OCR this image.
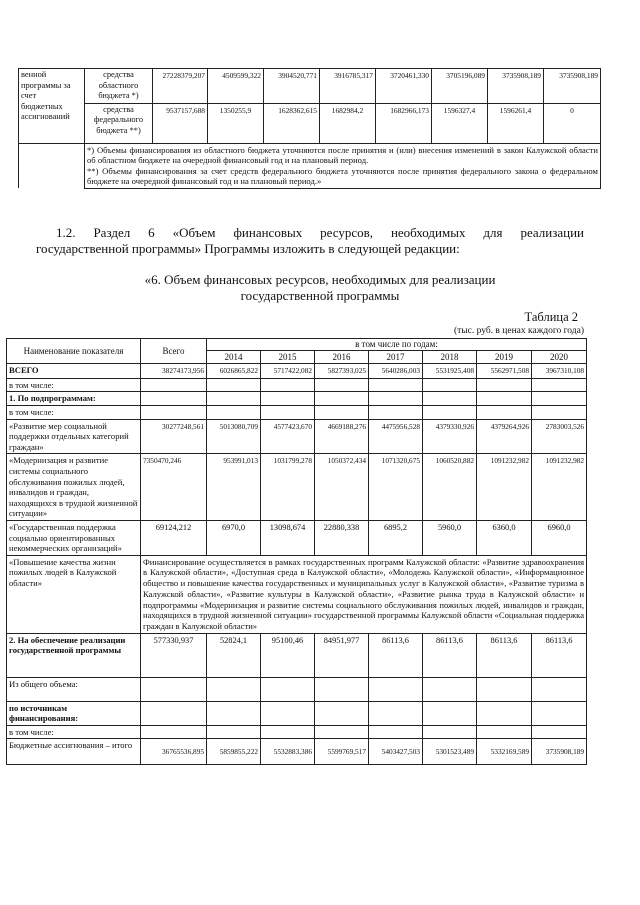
венной программы за счет
бюджетных ассигнований	средства областного бюджета *)	27228379,207	4509599,322	3904520,771	3916785,317	3720461,330	3705196,089	3735908,189	3735908,189
	средства федерального бюджета **)	9537157,688	1350255,9	1628362,615	1682984,2	1682966,173	1596327,4	1596261,4	0

	*) Объемы финансирования из областного бюджета уточняются после принятия и (или) внесения изменений в закон Калужской области об областном бюджете на очередной финансовый год и на плановый период.
**) Объемы финансирования за счет средств федерального бюджета уточняются после принятия федерального закона о федеральном бюджете на очередной финансовый год и на плановый период.»								
1.2. Раздел 6 «Объем финансовых ресурсов, необходимых для реализации
государственной программы» Программы изложить в следующей редакции:
«6. Объем финансовых ресурсов, необходимых для реализации
государственной программы
Таблица 2
(тыс. руб. в ценах каждого года)
Наименование показателя	Всего	в том числе по годам:						
		2014	2015	2016	2017	2018	2019	2020
ВСЕГО	38274173,956	6026865,822	5717422,082	5827393,025	5640286,003	5531925,408	5562971,508	3967310,108
в том числе:								
1. По подпрограммам:								
в том числе:								
«Развитие мер социальной поддержки отдельных категорий граждан»	30277248,561	5013080,709	4577423,670	4669188,276	4475956,528	4379330,926	4379264,926	2783003,526
«Модернизация и развитие системы социального обслуживания пожилых людей, инвалидов и граждан, находящихся в трудной жизненной ситуации»	7350470,246	953991,013	1031799,278	1050372,434	1071320,675	1060520,882	1091232,982	1091232,982
«Государственная поддержка социально ориентированных некоммерческих организаций»	69124,212	6970,0	13098,674	22880,338	6895,2	5960,0	6360,0	6960,0
«Повышение качества жизни пожилых людей в Калужской области»	Финансирование осуществляется в рамках государственных программ Калужской области: «Развитие здравоохранения в Калужской области», «Доступная среда в Калужской области», «Молодежь Калужской области», «Информационное общество и повышение качества государственных и муниципальных услуг в Калужской области», «Развитие туризма в Калужской области», «Развитие культуры в Калужской области», «Развитие рынка труда в Калужской области» и подпрограммы «Модернизация и развитие системы социального обслуживания пожилых людей, инвалидов и граждан, находящихся в трудной жизненной ситуации» государственной программы Калужской области «Социальная поддержка граждан в Калужской области»							
2. На обеспечение реализации государственной программы	577330,937	52824,1	95100,46	84951,977	86113,6	86113,6	86113,6	86113,6
Из общего объема:								
по источникам финансирования:								
в том числе:								
Бюджетные ассигнования – итого	36765536,895	5859855,222	5532883,386	5599769,517	5403427,503	5301523,489	5332169,589	3735908,189
